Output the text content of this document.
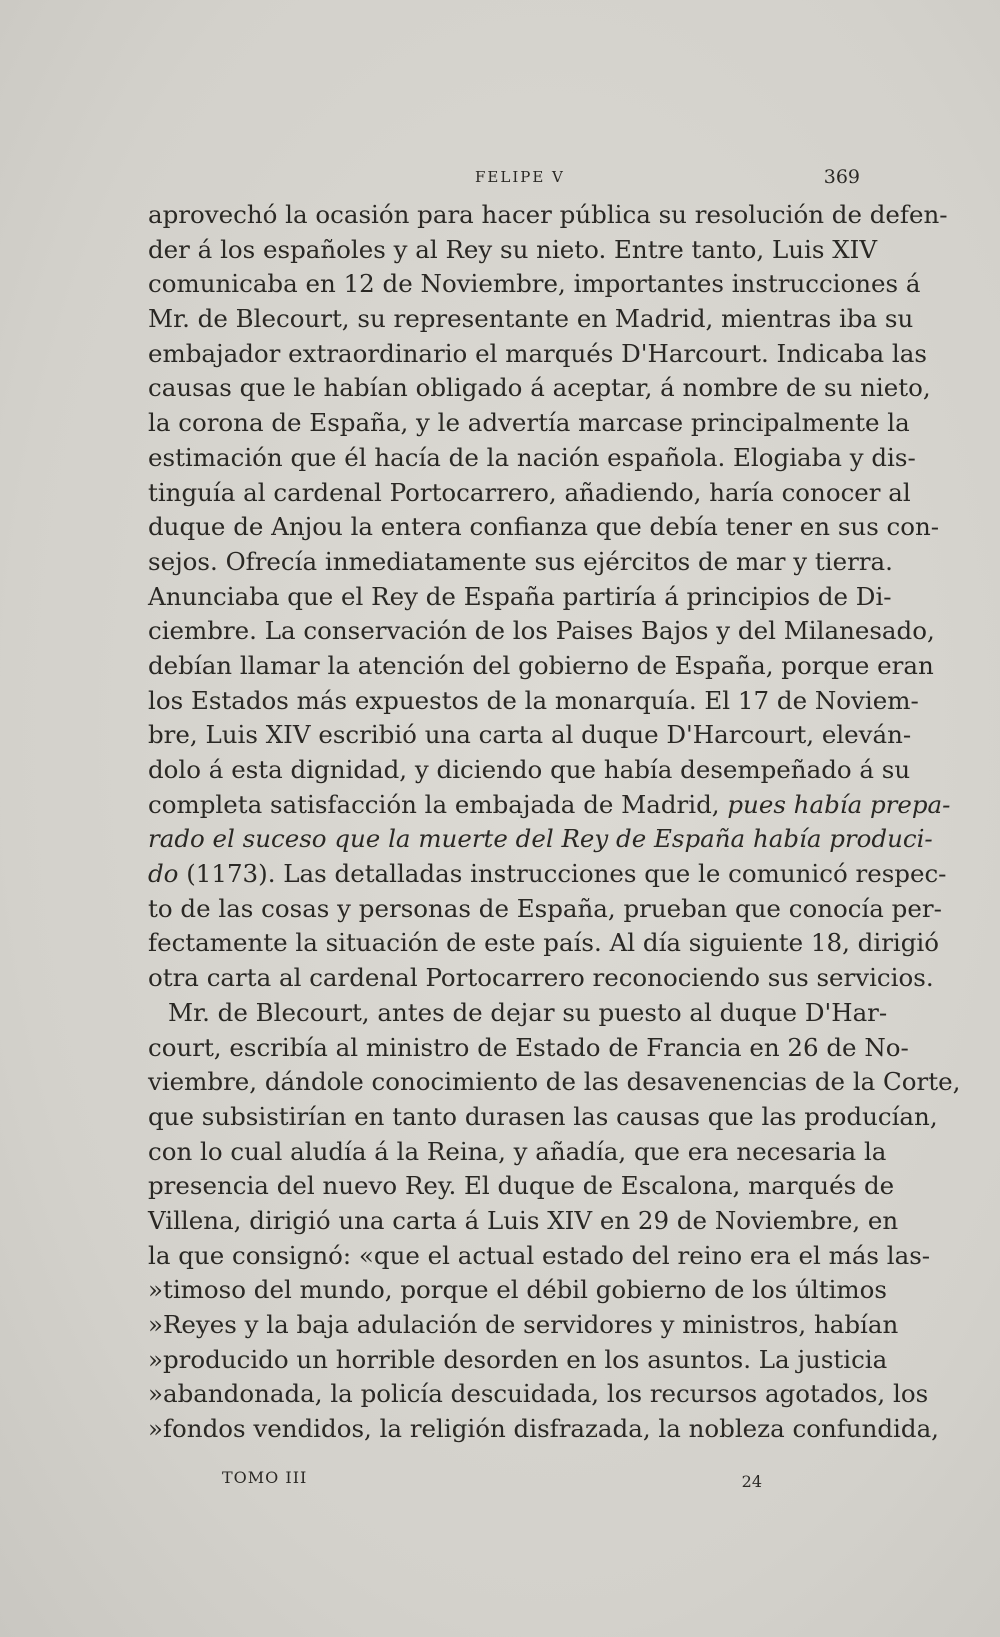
FELIPE V	369
aprovechó la ocasión para hacer pública su resolución de defen-
der á los españoles y al Rey su nieto. Entre tanto, Luis XIV
comunicaba en 12 de Noviembre, importantes instrucciones á
Mr. de Blecourt, su representante en Madrid, mientras iba su
embajador extraordinario el marqués D'Harcourt. Indicaba las
causas que le habían obligado á aceptar, á nombre de su nieto,
la corona de España, y le advertía marcase principalmente la
estimación que él hacía de la nación española. Elogiaba y dis-
tinguía al cardenal Portocarrero, añadiendo, haría conocer al
duque de Anjou la entera confianza que debía tener en sus con-
sejos. Ofrecía inmediatamente sus ejércitos de mar y tierra.
Anunciaba que el Rey de España partiría á principios de Di-
ciembre. La conservación de los Paises Bajos y del Milanesado,
debían llamar la atención del gobierno de España, porque eran
los Estados más expuestos de la monarquía. El 17 de Noviem-
bre, Luis XIV escribió una carta al duque D'Harcourt, eleván-
dolo á esta dignidad, y diciendo que había desempeñado á su
completa satisfacción la embajada de Madrid, pues había prepa-
rado el suceso que la muerte del Rey de España había produci-
do (1173). Las detalladas instrucciones que le comunicó respec-
to de las cosas y personas de España, prueban que conocía per-
fectamente la situación de este país. Al día siguiente 18, dirigió
otra carta al cardenal Portocarrero reconociendo sus servicios.
Mr. de Blecourt, antes de dejar su puesto al duque D'Har-
court, escribía al ministro de Estado de Francia en 26 de No-
viembre, dándole conocimiento de las desavenencias de la Corte,
que subsistirían en tanto durasen las causas que las producían,
con lo cual aludía á la Reina, y añadía, que era necesaria la
presencia del nuevo Rey. El duque de Escalona, marqués de
Villena, dirigió una carta á Luis XIV en 29 de Noviembre, en
la que consignó: «que el actual estado del reino era el más las-
»timoso del mundo, porque el débil gobierno de los últimos
»Reyes y la baja adulación de servidores y ministros, habían
»producido un horrible desorden en los asuntos. La justicia
»abandonada, la policía descuidada, los recursos agotados, los
»fondos vendidos, la religión disfrazada, la nobleza confundida,
TOMO III	24
